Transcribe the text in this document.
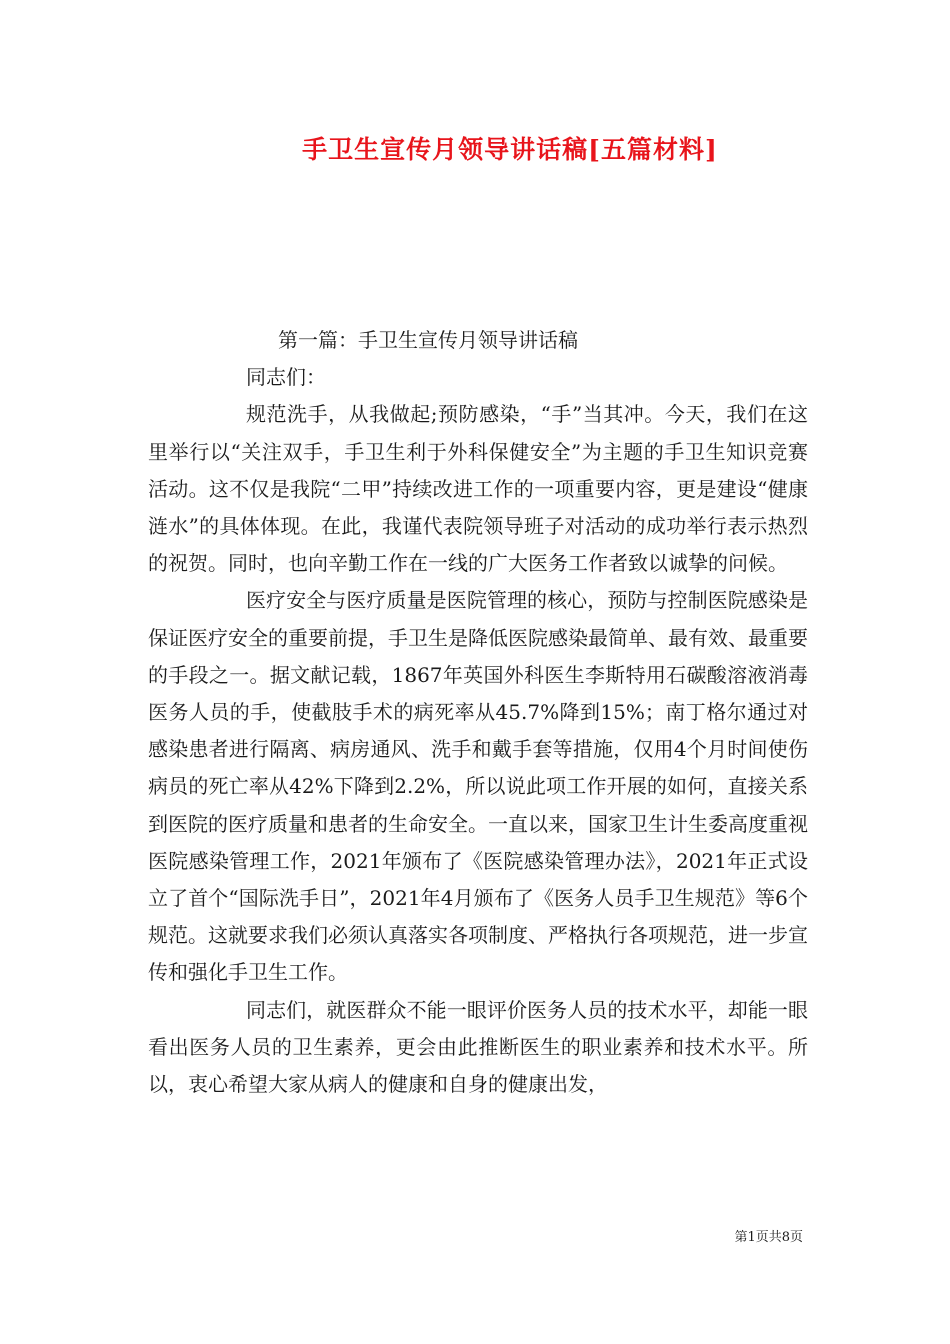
手卫生宣传月领导讲话稿[五篇材料]

第一篇：手卫生宣传月领导讲话稿

同志们：

规范洗手，从我做起;预防感染，“手”当其冲。今天，我们在这里举行以“关注双手，手卫生利于外科保健安全”为主题的手卫生知识竞赛活动。这不仅是我院“二甲”持续改进工作的一项重要内容，更是建设“健康涟水”的具体体现。在此，我谨代表院领导班子对活动的成功举行表示热烈的祝贺。同时，也向辛勤工作在一线的广大医务工作者致以诚挚的问候。

医疗安全与医疗质量是医院管理的核心，预防与控制医院感染是保证医疗安全的重要前提，手卫生是降低医院感染最简单、最有效、最重要的手段之一。据文献记载，1867年英国外科医生李斯特用石碳酸溶液消毒医务人员的手，使截肢手术的病死率从45.7%降到15%；南丁格尔通过对感染患者进行隔离、病房通风、洗手和戴手套等措施，仅用4个月时间使伤病员的死亡率从42%下降到2.2%，所以说此项工作开展的如何，直接关系到医院的医疗质量和患者的生命安全。一直以来，国家卫生计生委高度重视医院感染管理工作，2021年颁布了《医院感染管理办法》，2021年正式设立了首个“国际洗手日”，2021年4月颁布了《医务人员手卫生规范》等6个规范。这就要求我们必须认真落实各项制度、严格执行各项规范，进一步宣传和强化手卫生工作。

同志们，就医群众不能一眼评价医务人员的技术水平，却能一眼看出医务人员的卫生素养，更会由此推断医生的职业素养和技术水平。所以，衷心希望大家从病人的健康和自身的健康出发，

第1页共8页
